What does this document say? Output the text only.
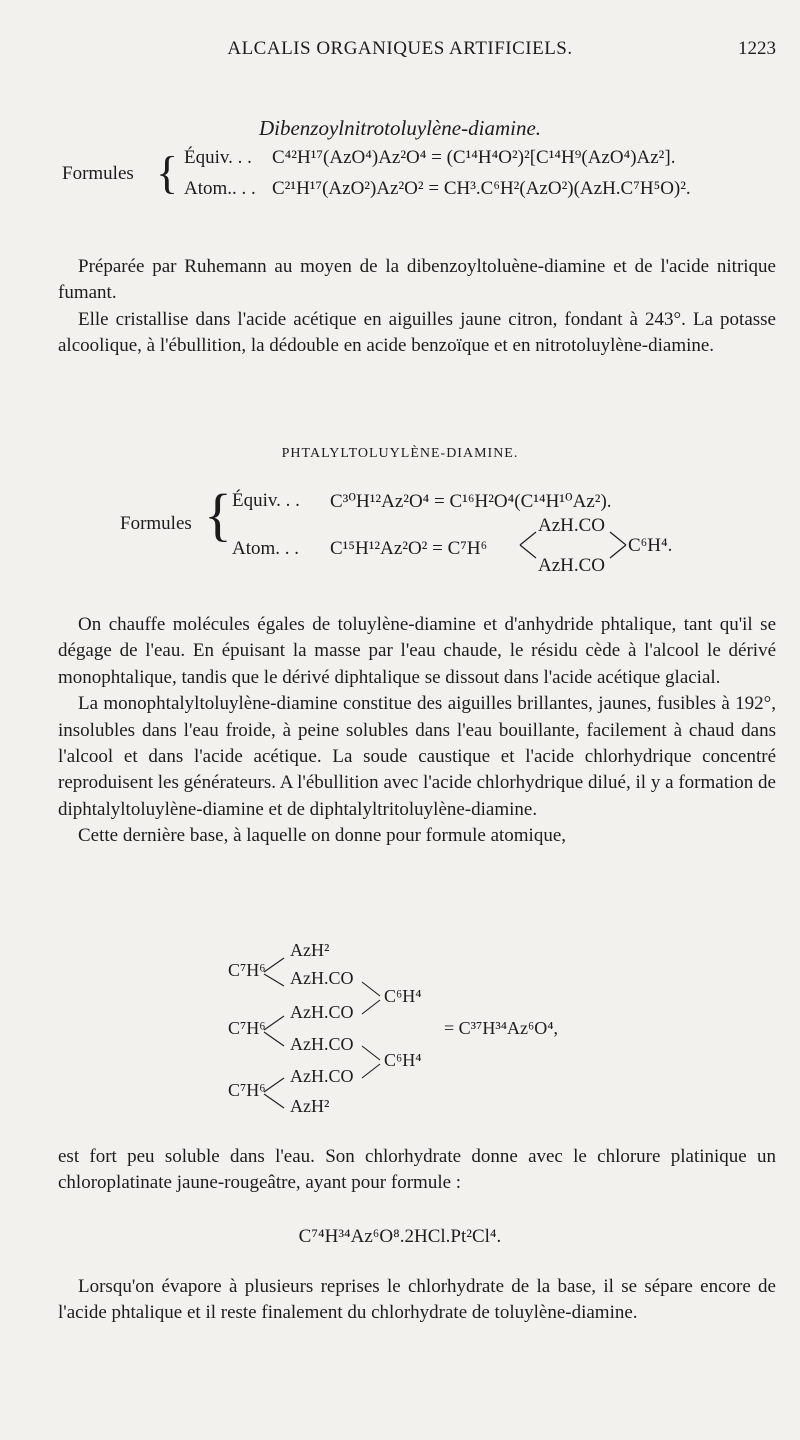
ALCALIS ORGANIQUES ARTIFICIELS.	1223
Dibenzoylnitrotoluylène-diamine.
Formules { Équiv. . . C⁴²H¹⁷(AzO⁴)Az²O⁴ = (C¹⁴H⁴O²)²[C¹⁴H⁹(AzO⁴)Az²].
Atom.. . . C²¹H¹⁷(AzO²)Az²O² = CH³.C⁶H²(AzO²)(AzH.C⁷H⁵O)².

Préparée par Ruhemann au moyen de la dibenzoyltoluène-diamine et de l'acide nitrique fumant.

Elle cristallise dans l'acide acétique en aiguilles jaune citron, fondant à 243°. La potasse alcoolique, à l'ébullition, la dédouble en acide benzoïque et en nitrotoluylène-diamine.

PHTALYLTOLUYLÈNE-DIAMINE.
Formules { Équiv. . . C³⁰H¹²Az²O⁴ = C¹⁶H²O⁴(C¹⁴H¹⁰Az²).
Atom. . . C¹⁵H¹²Az²O² = C⁷H⁶
AzH.CO
AzH.CO
C⁶H⁴.

On chauffe molécules égales de toluylène-diamine et d'anhydride phtalique, tant qu'il se dégage de l'eau. En épuisant la masse par l'eau chaude, le résidu cède à l'alcool le dérivé monophtalique, tandis que le dérivé diphtalique se dissout dans l'acide acétique glacial.

La monophtalyltoluylène-diamine constitue des aiguilles brillantes, jaunes, fusibles à 192°, insolubles dans l'eau froide, à peine solubles dans l'eau bouillante, facilement à chaud dans l'alcool et dans l'acide acétique. La soude caustique et l'acide chlorhydrique concentré reproduisent les générateurs. A l'ébullition avec l'acide chlorhydrique dilué, il y a formation de diphtalyltoluylène-diamine et de diphtalyltritoluylène-diamine.

Cette dernière base, à laquelle on donne pour formule atomique,

C⁷H⁶
C⁷H⁶
C⁷H⁶
AzH²
AzH.CO
AzH.CO
AzH.CO
AzH.CO
AzH²
C⁶H⁴
C⁶H⁴
= C³⁷H³⁴Az⁶O⁴,

est fort peu soluble dans l'eau. Son chlorhydrate donne avec le chlorure platinique un chloroplatinate jaune-rougeâtre, ayant pour formule :

C⁷⁴H³⁴Az⁶O⁸.2HCl.Pt²Cl⁴.

Lorsqu'on évapore à plusieurs reprises le chlorhydrate de la base, il se sépare encore de l'acide phtalique et il reste finalement du chlorhydrate de toluylène-diamine.
